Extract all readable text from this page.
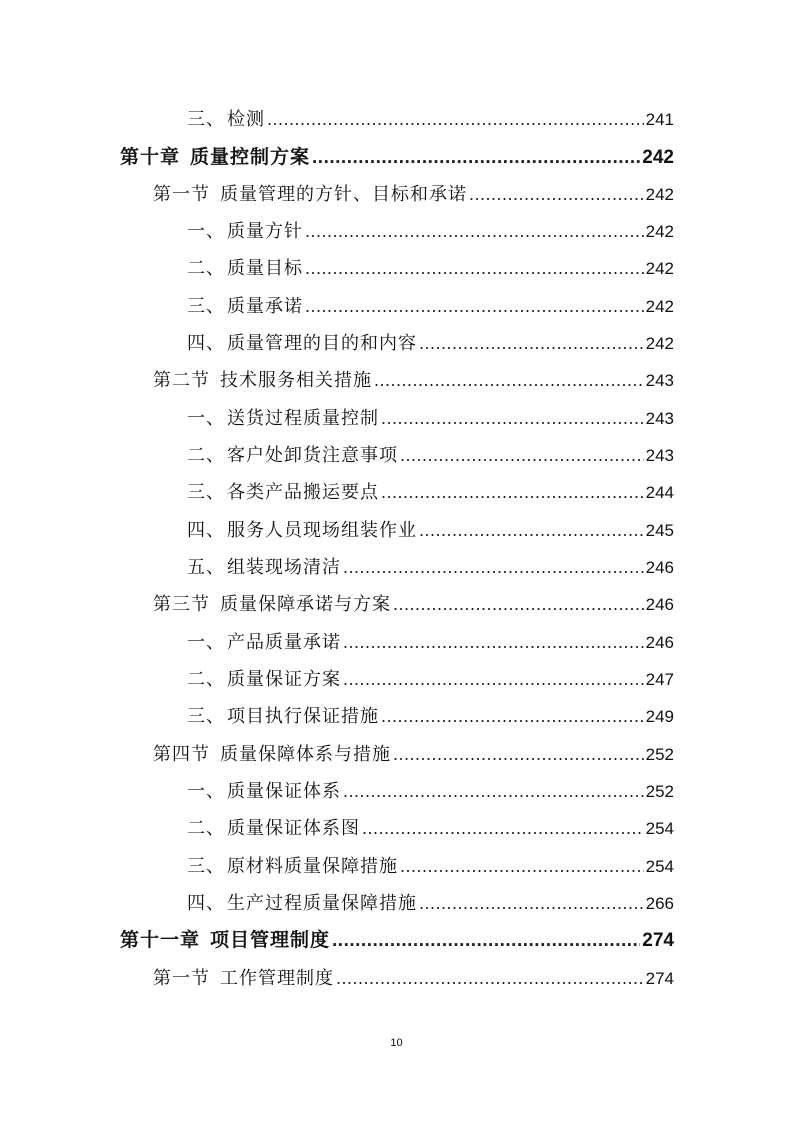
三、 检测 .....	241
第十章 质量控制方案 .....	242
第一节 质量管理的方针、目标和承诺 .....	242
一、 质量方针 .....	242
二、 质量目标 .....	242
三、 质量承诺 .....	242
四、 质量管理的目的和内容 .....	242
第二节 技术服务相关措施 .....	243
一、 送货过程质量控制 .....	243
二、 客户处卸货注意事项 .....	243
三、 各类产品搬运要点 .....	244
四、 服务人员现场组装作业 .....	245
五、 组装现场清洁 .....	246
第三节 质量保障承诺与方案 .....	246
一、 产品质量承诺 .....	246
二、 质量保证方案 .....	247
三、 项目执行保证措施 .....	249
第四节 质量保障体系与措施 .....	252
一、 质量保证体系 .....	252
二、 质量保证体系图 .....	254
三、 原材料质量保障措施 .....	254
四、 生产过程质量保障措施 .....	266
第十一章 项目管理制度 .....	274
第一节 工作管理制度 .....	274
10
